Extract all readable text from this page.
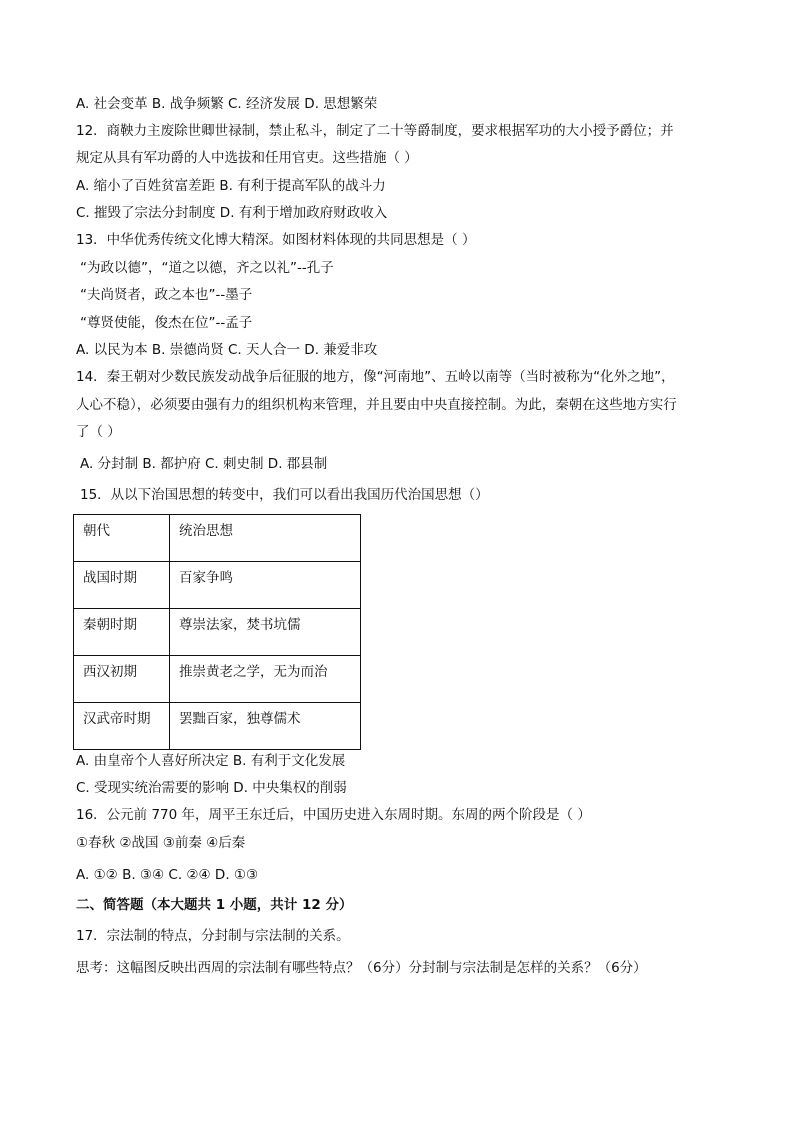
A. 社会变革 B. 战争频繁 C. 经济发展 D. 思想繁荣
12．商鞅力主废除世卿世禄制，禁止私斗，制定了二十等爵制度，要求根据军功的大小授予爵位；并
规定从具有军功爵的人中选拔和任用官吏。这些措施（ ）
A. 缩小了百姓贫富差距 B. 有利于提高军队的战斗力
C. 摧毁了宗法分封制度 D. 有利于增加政府财政收入
13．中华优秀传统文化博大精深。如图材料体现的共同思想是（ ）
“为政以德”，“道之以德，齐之以礼”--孔子
“夫尚贤者，政之本也”--墨子
“尊贤使能，俊杰在位”--孟子
A. 以民为本 B. 崇德尚贤 C. 天人合一 D. 兼爱非攻
14．秦王朝对少数民族发动战争后征服的地方，像“河南地”、五岭以南等（当时被称为“化外之地”，
人心不稳），必须要由强有力的组织机构来管理，并且要由中央直接控制。为此，秦朝在这些地方实行
了（ ）
A. 分封制 B. 都护府 C. 刺史制 D. 郡县制
15．从以下治国思想的转变中，我们可以看出我国历代治国思想（）
朝代	统治思想
战国时期	百家争鸣
秦朝时期	尊崇法家，焚书坑儒
西汉初期	推崇黄老之学，无为而治
汉武帝时期	罢黜百家，独尊儒术
A. 由皇帝个人喜好所决定 B. 有利于文化发展
C. 受现实统治需要的影响 D. 中央集权的削弱
16．公元前 770 年，周平王东迁后，中国历史进入东周时期。东周的两个阶段是（ ）
①春秋 ②战国 ③前秦 ④后秦
A. ①② B. ③④ C. ②④ D. ①③
二、简答题（本大题共 1 小题，共计 12 分）
17．宗法制的特点，分封制与宗法制的关系。
思考：这幅图反映出西周的宗法制有哪些特点？（6分）分封制与宗法制是怎样的关系？（6分）
